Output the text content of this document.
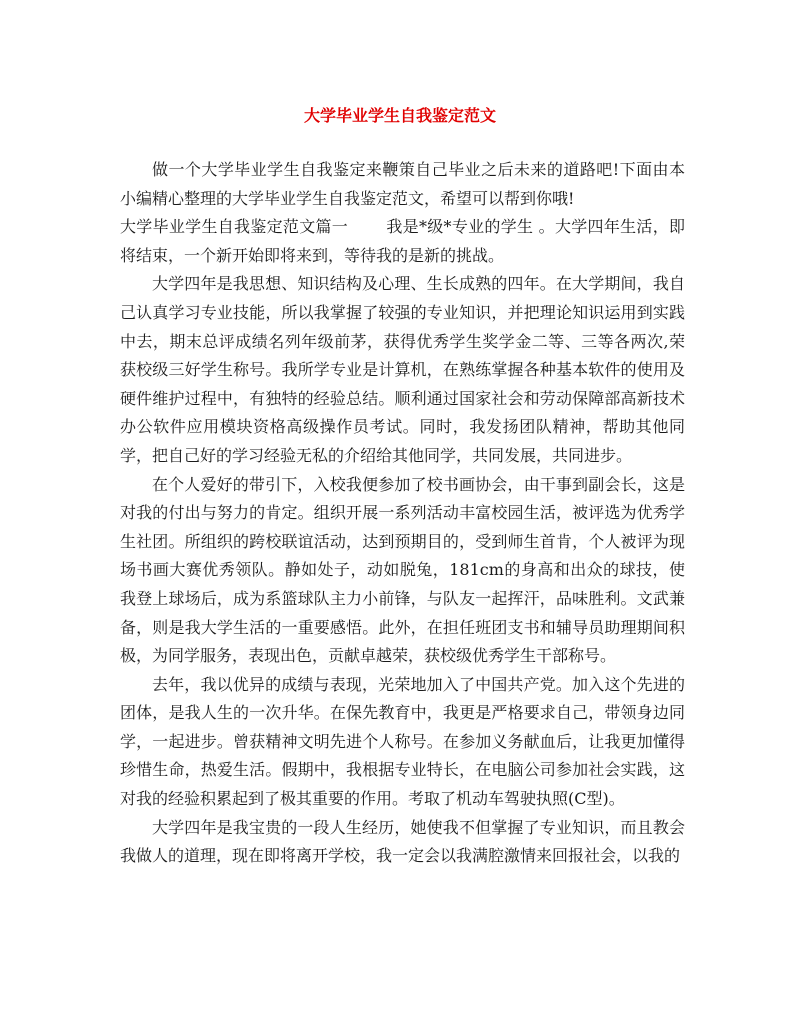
大学毕业学生自我鉴定范文

做一个大学毕业学生自我鉴定来鞭策自己毕业之后未来的道路吧!下面由本小编精心整理的大学毕业学生自我鉴定范文，希望可以帮到你哦!

大学毕业学生自我鉴定范文篇一 我是*级*专业的学生 。大学四年生活，即将结束，一个新开始即将来到，等待我的是新的挑战。

大学四年是我思想、知识结构及心理、生长成熟的四年。在大学期间，我自己认真学习专业技能，所以我掌握了较强的专业知识，并把理论知识运用到实践中去，期末总评成绩名列年级前茅，获得优秀学生奖学金二等、三等各两次,荣获校级三好学生称号。我所学专业是计算机，在熟练掌握各种基本软件的使用及硬件维护过程中，有独特的经验总结。顺利通过国家社会和劳动保障部高新技术办公软件应用模块资格高级操作员考试。同时，我发扬团队精神，帮助其他同学，把自己好的学习经验无私的介绍给其他同学，共同发展，共同进步。

在个人爱好的带引下，入校我便参加了校书画协会，由干事到副会长，这是对我的付出与努力的肯定。组织开展一系列活动丰富校园生活，被评选为优秀学生社团。所组织的跨校联谊活动，达到预期目的，受到师生首肯，个人被评为现场书画大赛优秀领队。静如处子，动如脱兔，181cm的身高和出众的球技，使我登上球场后，成为系篮球队主力小前锋，与队友一起挥汗，品味胜利。文武兼备，则是我大学生活的一重要感悟。此外，在担任班团支书和辅导员助理期间积极，为同学服务，表现出色，贡献卓越荣，获校级优秀学生干部称号。

去年，我以优异的成绩与表现，光荣地加入了中国共产党。加入这个先进的团体，是我人生的一次升华。在保先教育中，我更是严格要求自己，带领身边同学，一起进步。曾获精神文明先进个人称号。在参加义务献血后，让我更加懂得珍惜生命，热爱生活。假期中，我根据专业特长，在电脑公司参加社会实践，这对我的经验积累起到了极其重要的作用。考取了机动车驾驶执照(C型)。

大学四年是我宝贵的一段人生经历，她使我不但掌握了专业知识，而且教会我做人的道理，现在即将离开学校，我一定会以我满腔激情来回报社会，以我的
